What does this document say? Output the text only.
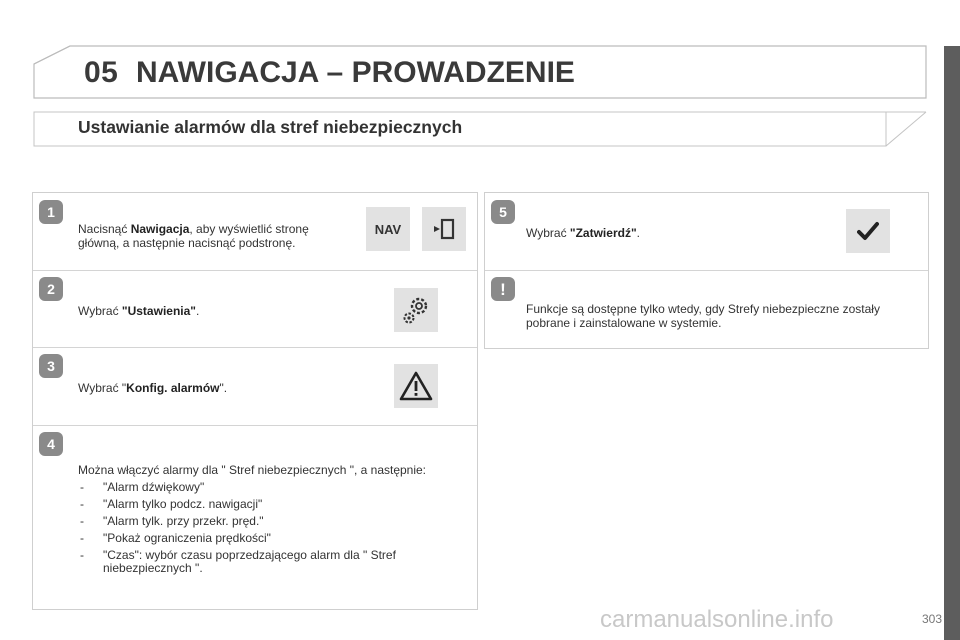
05 NAWIGACJA – PROWADZENIE
Ustawianie alarmów dla stref niebezpiecznych
1
Nacisnąć Nawigacja, aby wyświetlić stronę główną, a następnie nacisnąć podstronę.
NAV
2
Wybrać "Ustawienia".
3
Wybrać "Konfig. alarmów".
4
Można włączyć alarmy dla " Stref niebezpiecznych ", a następnie:
- "Alarm dźwiękowy"
- "Alarm tylko podcz. nawigacji"
- "Alarm tylk. przy przekr. pręd."
- "Pokaż ograniczenia prędkości"
- "Czas": wybór czasu poprzedzającego alarm dla " Stref niebezpiecznych ".
5
Wybrać "Zatwierdź".
!
Funkcje są dostępne tylko wtedy, gdy Strefy niebezpieczne zostały pobrane i zainstalowane w systemie.
carmanualsonline.info	303
